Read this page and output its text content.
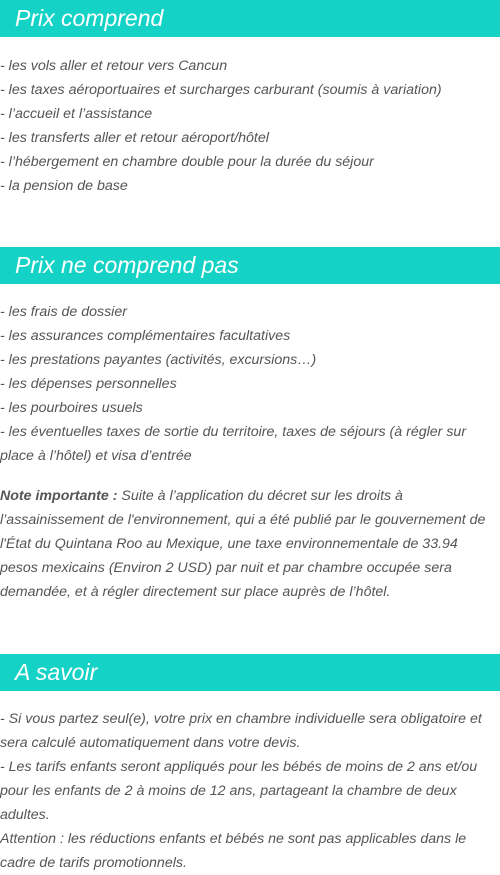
Prix comprend
- les vols aller et retour vers Cancun
- les taxes aéroportuaires et surcharges carburant (soumis à variation)
- l’accueil et l’assistance
- les transferts aller et retour aéroport/hôtel
- l’hébergement en chambre double pour la durée du séjour
- la pension de base
Prix ne comprend pas
- les frais de dossier
- les assurances complémentaires facultatives
- les prestations payantes (activités, excursions…)
- les dépenses personnelles
- les pourboires usuels
- les éventuelles taxes de sortie du territoire, taxes de séjours (à régler sur place à l’hôtel) et visa d’entrée

Note importante : Suite à l’application du décret sur les droits à l’assainissement de l'environnement, qui a été publié par le gouvernement de l'État du Quintana Roo au Mexique, une taxe environnementale de 33.94 pesos mexicains (Environ 2 USD) par nuit et par chambre occupée sera demandée, et à régler directement sur place auprès de l’hôtel.

A savoir
- Si vous partez seul(e), votre prix en chambre individuelle sera obligatoire et sera calculé automatiquement dans votre devis.
- Les tarifs enfants seront appliqués pour les bébés de moins de 2 ans et/ou pour les enfants de 2 à moins de 12 ans, partageant la chambre de deux adultes.
Attention : les réductions enfants et bébés ne sont pas applicables dans le cadre de tarifs promotionnels.
